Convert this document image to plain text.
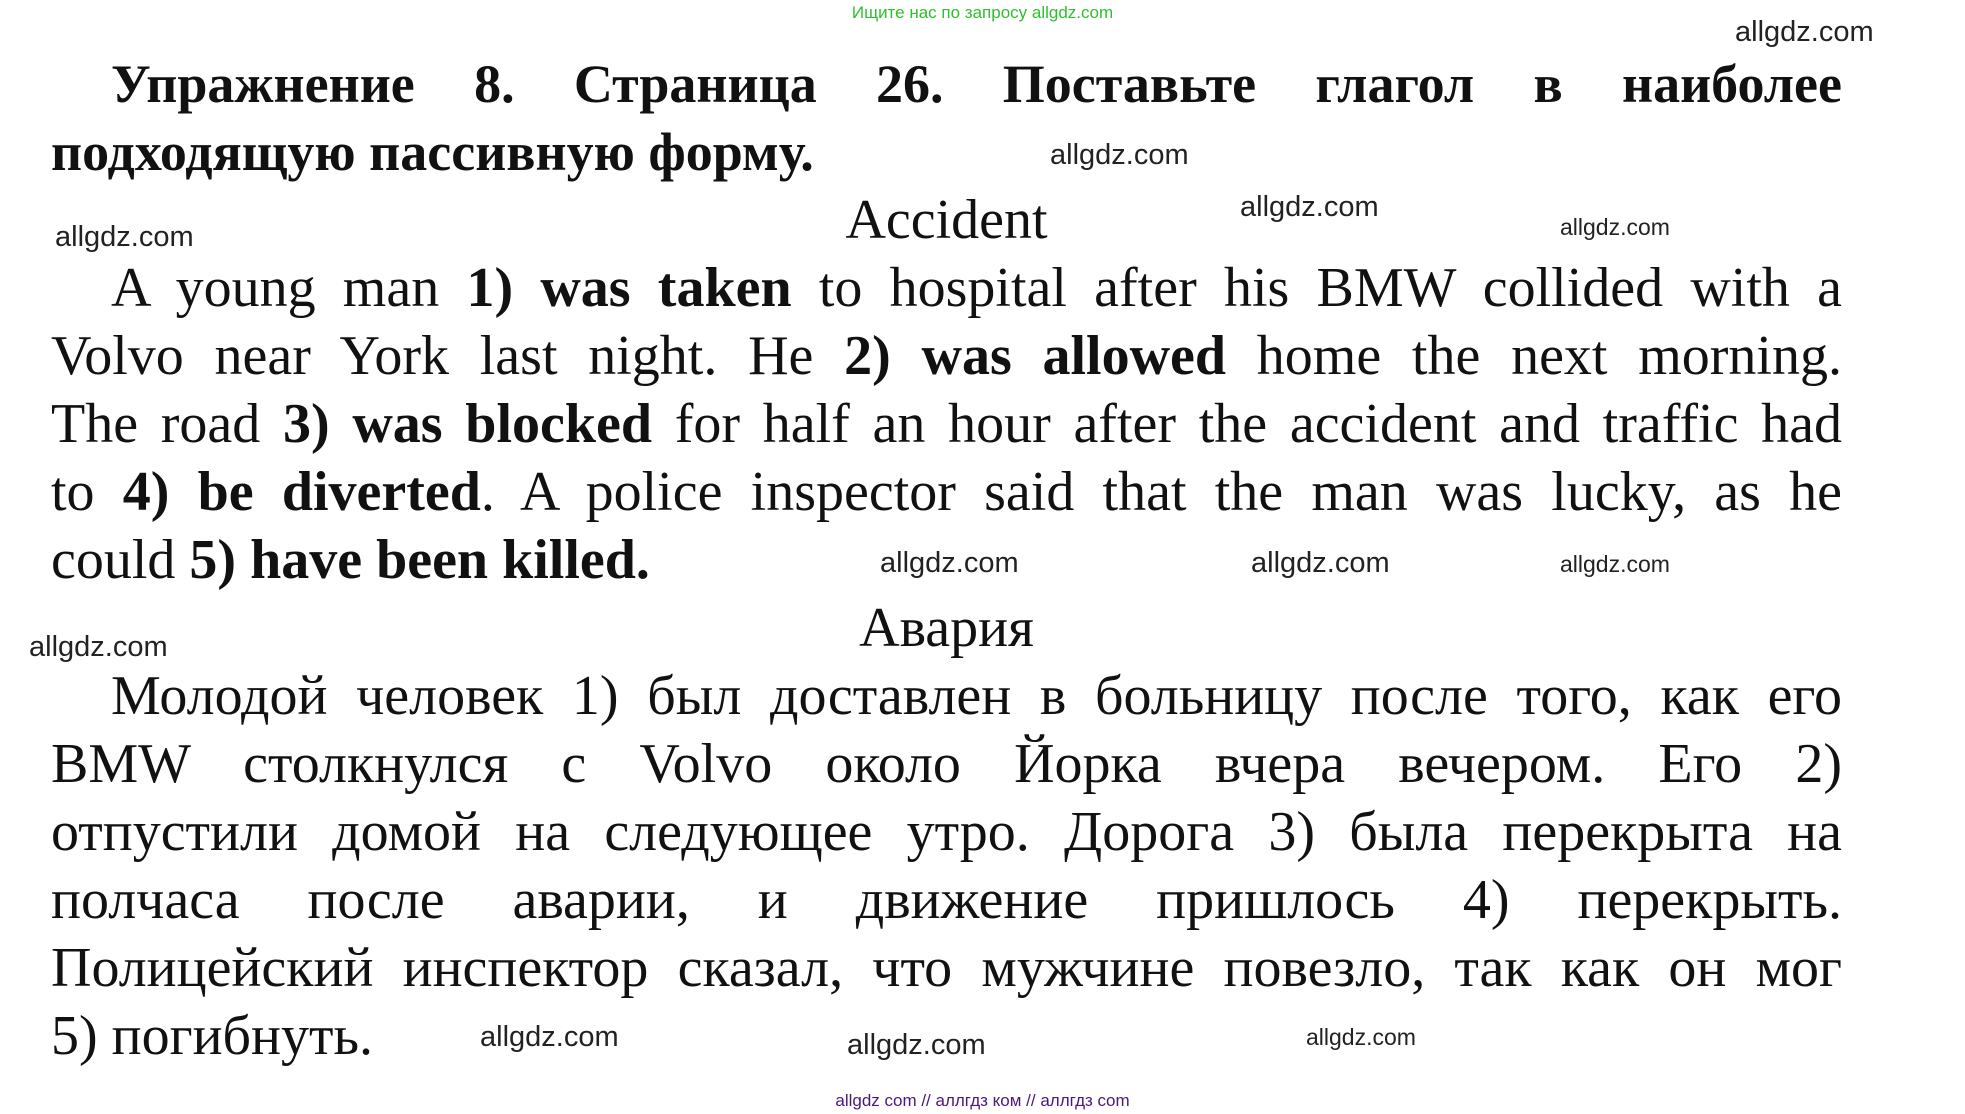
Ищите нас по запросу allgdz.com
Упражнение 8. Страница 26. Поставьте глагол в наиболее
подходящую пассивную форму.
Accident
A young man 1) was taken to hospital after his BMW collided with a
Volvo near York last night. He 2) was allowed home the next morning.
The road 3) was blocked for half an hour after the accident and traffic had
to 4) be diverted. A police inspector said that the man was lucky, as he
could 5) have been killed.
Авария
Молодой человек 1) был доставлен в больницу после того, как его
BMW столкнулся с Volvo около Йорка вчера вечером. Его 2)
отпустили домой на следующее утро. Дорога 3) была перекрыта на
полчаса после аварии, и движение пришлось 4) перекрыть.
Полицейский инспектор сказал, что мужчине повезло, так как он мог
5) погибнуть.
allgdz.com
allgdz.com
allgdz.com
allgdz.com	allgdz.com
allgdz.com
allgdz.com
allgdz.com
allgdz.com
allgdz.com
allgdz.com	allgdz.com
allgdz com // аллгдз ком // аллгдз com
